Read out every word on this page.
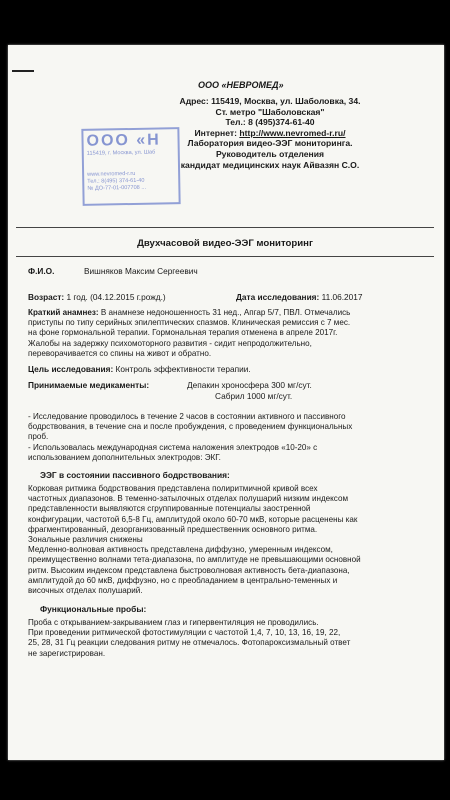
ООО «НЕВРОМЕД»
ООО «Н
115419, г. Москва, ул. Шаб
www.nevromed-r.ru
Тел.: 8(495) 374-61-40
№ ДО-77-01-007708 ...
Адрес: 115419, Москва, ул. Шаболовка, 34.
Ст. метро "Шаболовская"
Тел.: 8 (495)374-61-40
Интернет: http://www.nevromed-r.ru/
Лаборатория видео-ЭЭГ мониторинга.
Руководитель отделения
кандидат медицинских наук Айвазян С.О.
Двухчасовой видео-ЭЭГ мониторинг
Ф.И.О.	Вишняков Максим Сергеевич
Возраст: 1 год. (04.12.2015 г.рожд.)	Дата исследования: 11.06.2017
Краткий анамнез: В анамнезе недоношенность 31 нед., Апгар 5/7, ПВЛ. Отмечались
приступы по типу серийных эпилептических спазмов. Клиническая ремиссия с 7 мес.
на фоне гормональной терапии. Гормональная терапия отменена в апреле 2017г.
Жалобы на задержку психомоторного развития - сидит непродолжительно,
переворачивается со спины на живот и обратно.
Цель исследования: Контроль эффективности терапии.
Принимаемые медикаменты:	Депакин хроносфера 300 мг/сут.
Сабрил 1000 мг/сут.
- Исследование проводилось в течение 2 часов в состоянии активного и пассивного
бодрствования, в течение сна и после пробуждения, с проведением функциональных
проб.
- Использовалась международная система наложения электродов «10-20» с
использованием дополнительных электродов: ЭКГ.
ЭЭГ в состоянии пассивного бодрствования:
Корковая ритмика бодрствования представлена полиритмичной кривой всех
частотных диапазонов. В теменно-затылочных отделах полушарий низким индексом
представленности выявляются сгруппированные потенциалы заостренной
конфигурации, частотой 6,5-8 Гц, амплитудой около 60-70 мкВ, которые расценены как
фрагментированный, дезорганизованный предшественник основного ритма.
Зональные различия снижены
Медленно-волновая активность представлена диффузно, умеренным индексом,
преимущественно волнами тета-диапазона, по амплитуде не превышающими основной
ритм. Высоким индексом представлена быстроволновая активность бета-диапазона,
амплитудой до 60 мкВ, диффузно, но с преобладанием в центрально-теменных и
височных отделах полушарий.
Функциональные пробы:
Проба с открыванием-закрыванием глаз и гипервентиляция не проводились.
При проведении ритмической фотостимуляции с частотой 1,4, 7, 10, 13, 16, 19, 22,
25, 28, 31 Гц реакции следования ритму не отмечалось. Фотопароксизмальный ответ
не зарегистрирован.
